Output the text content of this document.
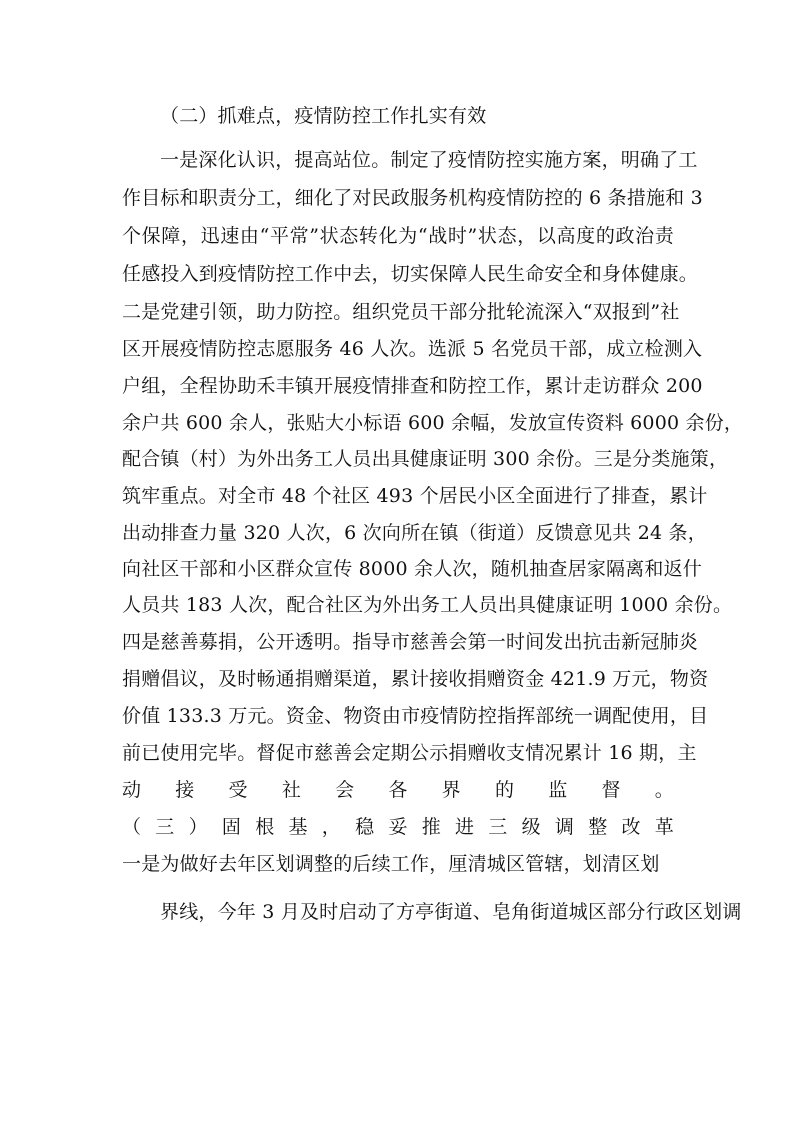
（二）抓难点，疫情防控工作扎实有效
一是深化认识，提高站位。制定了疫情防控实施方案，明确了工
作目标和职责分工，细化了对民政服务机构疫情防控的 6 条措施和 3
个保障，迅速由“平常”状态转化为“战时”状态，以高度的政治责
任感投入到疫情防控工作中去，切实保障人民生命安全和身体健康。
二是党建引领，助力防控。组织党员干部分批轮流深入“双报到”社
区开展疫情防控志愿服务 46 人次。选派 5 名党员干部，成立检测入
户组，全程协助禾丰镇开展疫情排查和防控工作，累计走访群众 200
余户共 600 余人，张贴大小标语 600 余幅，发放宣传资料 6000 余份，
配合镇（村）为外出务工人员出具健康证明 300 余份。三是分类施策，
筑牢重点。对全市 48 个社区 493 个居民小区全面进行了排查，累计
出动排查力量 320 人次，6 次向所在镇（街道）反馈意见共 24 条，
向社区干部和小区群众宣传 8000 余人次，随机抽查居家隔离和返什
人员共 183 人次，配合社区为外出务工人员出具健康证明 1000 余份。
四是慈善募捐，公开透明。指导市慈善会第一时间发出抗击新冠肺炎
捐赠倡议，及时畅通捐赠渠道，累计接收捐赠资金 421.9 万元，物资
价值 133.3 万元。资金、物资由市疫情防控指挥部统一调配使用，目
前已使用完毕。督促市慈善会定期公示捐赠收支情况累计 16 期，主
动接受社会各界的监督。
（三）固根基，稳妥推进三级调整改革
一是为做好去年区划调整的后续工作，厘清城区管辖，划清区划
界线，今年 3 月及时启动了方亭街道、皂角街道城区部分行政区划调
